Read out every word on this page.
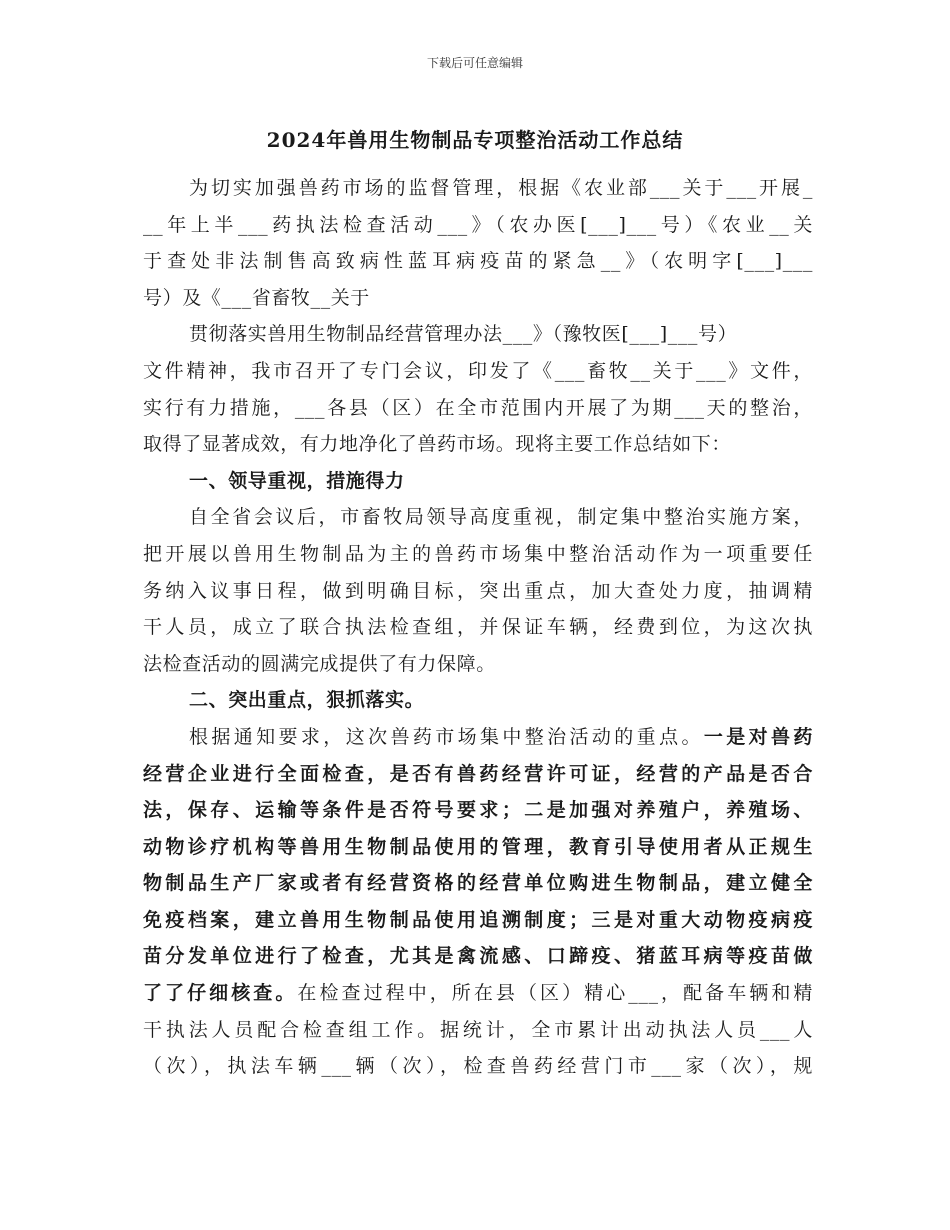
下载后可任意编辑
2024年兽用生物制品专项整治活动工作总结
为切实加强兽药市场的监督管理，根据《农业部___关于___开展_
__年上半___药执法检查活动___》（农办医[___]___号）《农业__关
于查处非法制售高致病性蓝耳病疫苗的紧急__》（农明字[___]___
号）及《___省畜牧__关于
贯彻落实兽用生物制品经营管理办法___》（豫牧医[___]___号）
文件精神，我市召开了专门会议，印发了《___畜牧__关于___》文件，
实行有力措施，___各县（区）在全市范围内开展了为期___天的整治，
取得了显著成效，有力地净化了兽药市场。现将主要工作总结如下：
一、领导重视，措施得力
自全省会议后，市畜牧局领导高度重视，制定集中整治实施方案，
把开展以兽用生物制品为主的兽药市场集中整治活动作为一项重要任
务纳入议事日程，做到明确目标，突出重点，加大查处力度，抽调精
干人员，成立了联合执法检查组，并保证车辆，经费到位，为这次执
法检查活动的圆满完成提供了有力保障。
二、突出重点，狠抓落实。
根据通知要求，这次兽药市场集中整治活动的重点。一是对兽药
经营企业进行全面检查，是否有兽药经营许可证，经营的产品是否合
法，保存、运输等条件是否符号要求；二是加强对养殖户，养殖场、
动物诊疗机构等兽用生物制品使用的管理，教育引导使用者从正规生
物制品生产厂家或者有经营资格的经营单位购进生物制品，建立健全
免疫档案，建立兽用生物制品使用追溯制度；三是对重大动物疫病疫
苗分发单位进行了检查，尤其是禽流感、口蹄疫、猪蓝耳病等疫苗做
了了仔细核查。在检查过程中，所在县（区）精心___，配备车辆和精
干执法人员配合检查组工作。据统计，全市累计出动执法人员___人
（次），执法车辆___辆（次），检查兽药经营门市___家（次），规
